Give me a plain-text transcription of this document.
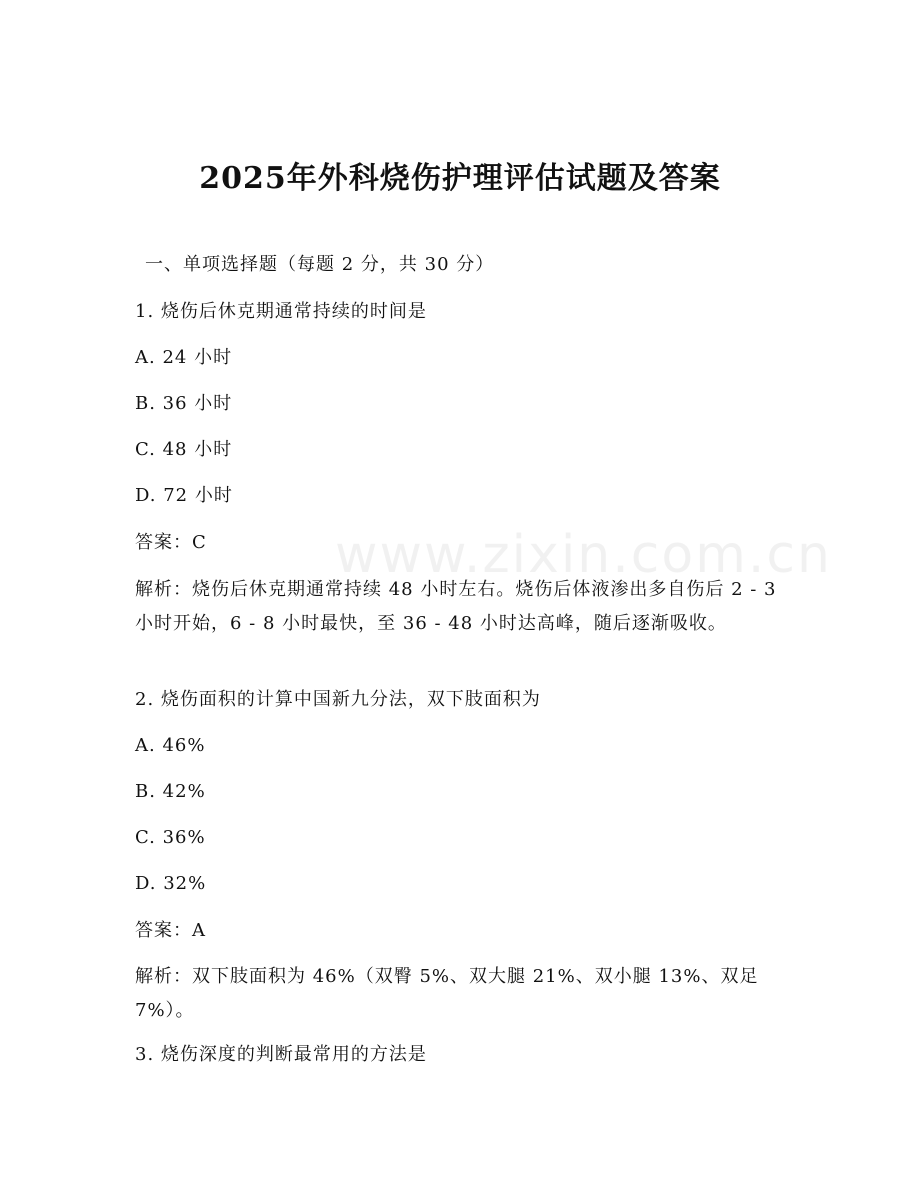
www.zixin.com.cn
2025年外科烧伤护理评估试题及答案
一、单项选择题（每题 2 分，共 30 分）
1. 烧伤后休克期通常持续的时间是
A. 24 小时
B. 36 小时
C. 48 小时
D. 72 小时
答案：C
解析：烧伤后休克期通常持续 48 小时左右。烧伤后体液渗出多自伤后 2 - 3 小时开始，6 - 8 小时最快，至 36 - 48 小时达高峰，随后逐渐吸收。
2. 烧伤面积的计算中国新九分法，双下肢面积为
A. 46%
B. 42%
C. 36%
D. 32%
答案：A
解析：双下肢面积为 46%（双臀 5%、双大腿 21%、双小腿 13%、双足 7%）。
3. 烧伤深度的判断最常用的方法是
